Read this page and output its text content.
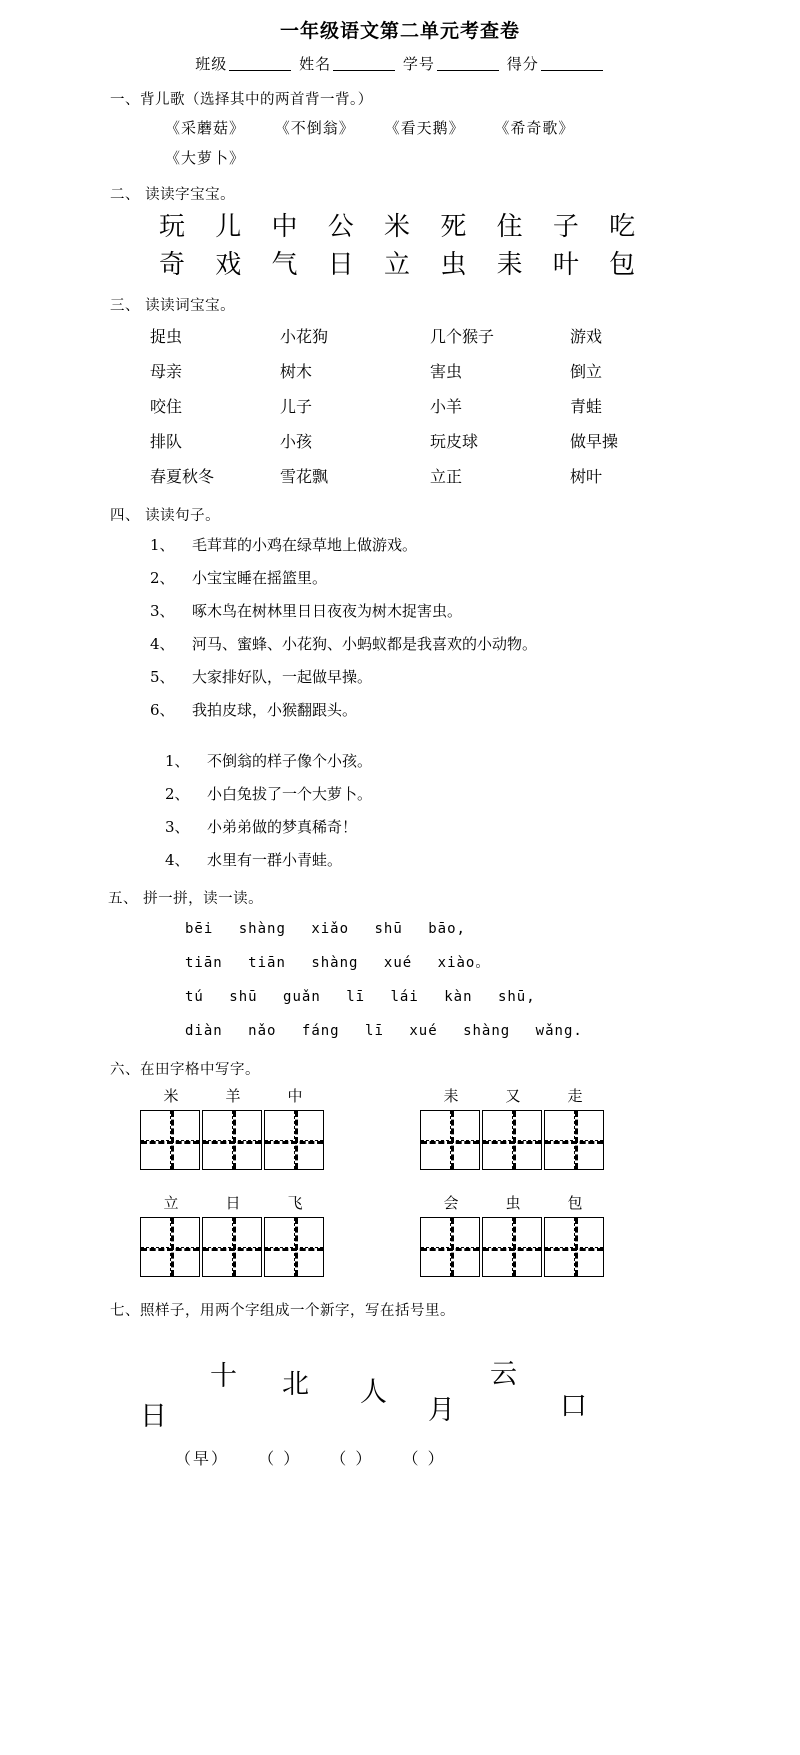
一年级语文第二单元考查卷
班级	姓名	学号	得分
一、背儿歌（选择其中的两首背一背。）
《采蘑菇》 《不倒翁》 《看天鹅》 《希奇歌》
《大萝卜》
二、 读读字宝宝。
玩 儿 中 公 米 死 住 子 吃
奇 戏 气 日 立 虫 耒 叶 包
三、 读读词宝宝。
捉虫	小花狗	几个猴子	游戏
母亲	树木	害虫	倒立
咬住	儿子	小羊	青蛙
排队	小孩	玩皮球	做早操
春夏秋冬	雪花飘	立正	树叶
四、 读读句子。
1、	毛茸茸的小鸡在绿草地上做游戏。
2、	小宝宝睡在摇篮里。
3、	啄木鸟在树林里日日夜夜为树木捉害虫。
4、	河马、蜜蜂、小花狗、小蚂蚁都是我喜欢的小动物。
5、	大家排好队，一起做早操。
6、	我拍皮球，小猴翻跟头。
1、	不倒翁的样子像个小孩。
2、	小白兔拔了一个大萝卜。
3、	小弟弟做的梦真稀奇！
4、	水里有一群小青蛙。
五、 拼一拼，读一读。
bēi shàng xiǎo shū bāo,
tiān tiān shàng xué xiào。
tú shū guǎn lī lái kàn shū,
diàn nǎo fáng lī xué shàng wǎng.
六、在田字格中写字。
米	羊	中	耒	又	走
立	日	飞	会	虫	包
七、照样子，用两个字组成一个新字，写在括号里。
日
十 北 人
月
云
口
（早） （ ） （ ） （ ）
